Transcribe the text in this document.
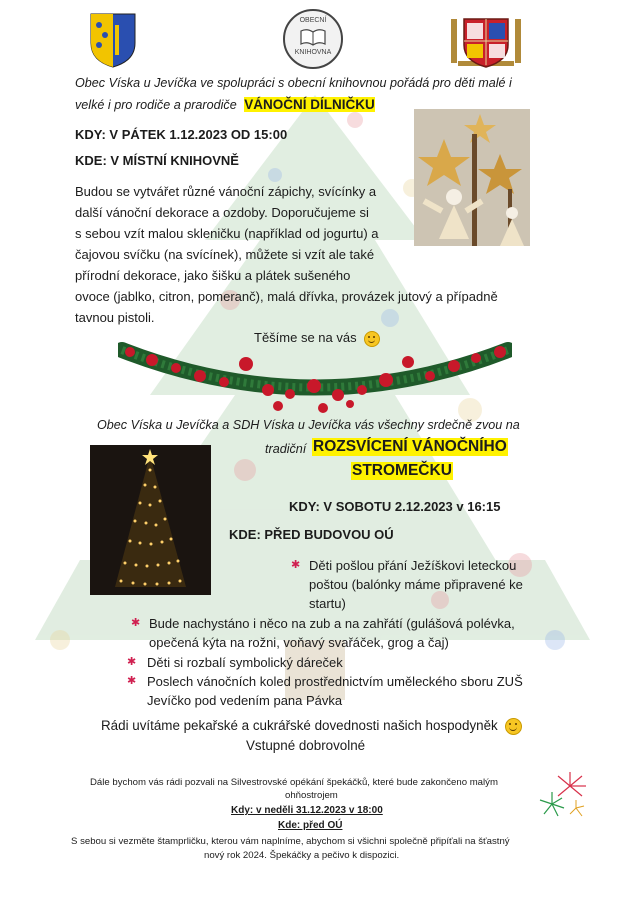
OBECNÍ
KNIHOVNA
Obec Víska u Jevíčka ve spolupráci s obecní knihovnou pořádá pro děti malé i
velké i pro rodiče a prarodiče VÁNOČNÍ DÍLNIČKU
KDY: V PÁTEK 1.12.2023 OD 15:00
KDE: V MÍSTNÍ KNIHOVNĚ
Budou se vytvářet různé vánoční zápichy, svícínky a
další vánoční dekorace a ozdoby. Doporučujeme si
s sebou vzít malou skleničku (například od jogurtu) a
čajovou svíčku (na svícínek), můžete si vzít ale také
přírodní dekorace, jako šišku a plátek sušeného
ovoce (jablko, citron, pomeranč), malá dřívka, provázek jutový a případně
tavnou pistoli.
Těšíme se na vás
Obec Víska u Jevíčka a SDH Víska u Jevíčka vás všechny srdečně zvou na
tradiční ROZSVÍCENÍ VÁNOČNÍHO
STROMEČKU
KDY: V SOBOTU 2.12.2023 v 16:15
KDE: PŘED BUDOVOU OÚ
✱ Děti pošlou přání Ježíškovi leteckou
poštou (balónky máme připravené ke
startu)
✱ Bude nachystáno i něco na zub a na zahřátí (gulášová polévka,
opečená kýta na rožni, voňavý svařáček, grog a čaj)
✱ Děti si rozbalí symbolický dáreček
✱ Poslech vánočních koled prostřednictvím uměleckého sboru ZUŠ
Jevíčko pod vedením pana Pávka
Rádi uvítáme pekařské a cukrářské dovednosti našich hospodyněk
Vstupné dobrovolné
Dále bychom vás rádi pozvali na Silvestrovské opékání špekáčků, které bude zakončeno malým
ohňostrojem
Kdy: v neděli 31.12.2023 v 18:00
Kde: před OÚ
S sebou si vezměte štamprličku, kterou vám naplníme, abychom si všichni společně připíťali na šťastný
nový rok 2024. Špekáčky a pečivo k dispozici.
